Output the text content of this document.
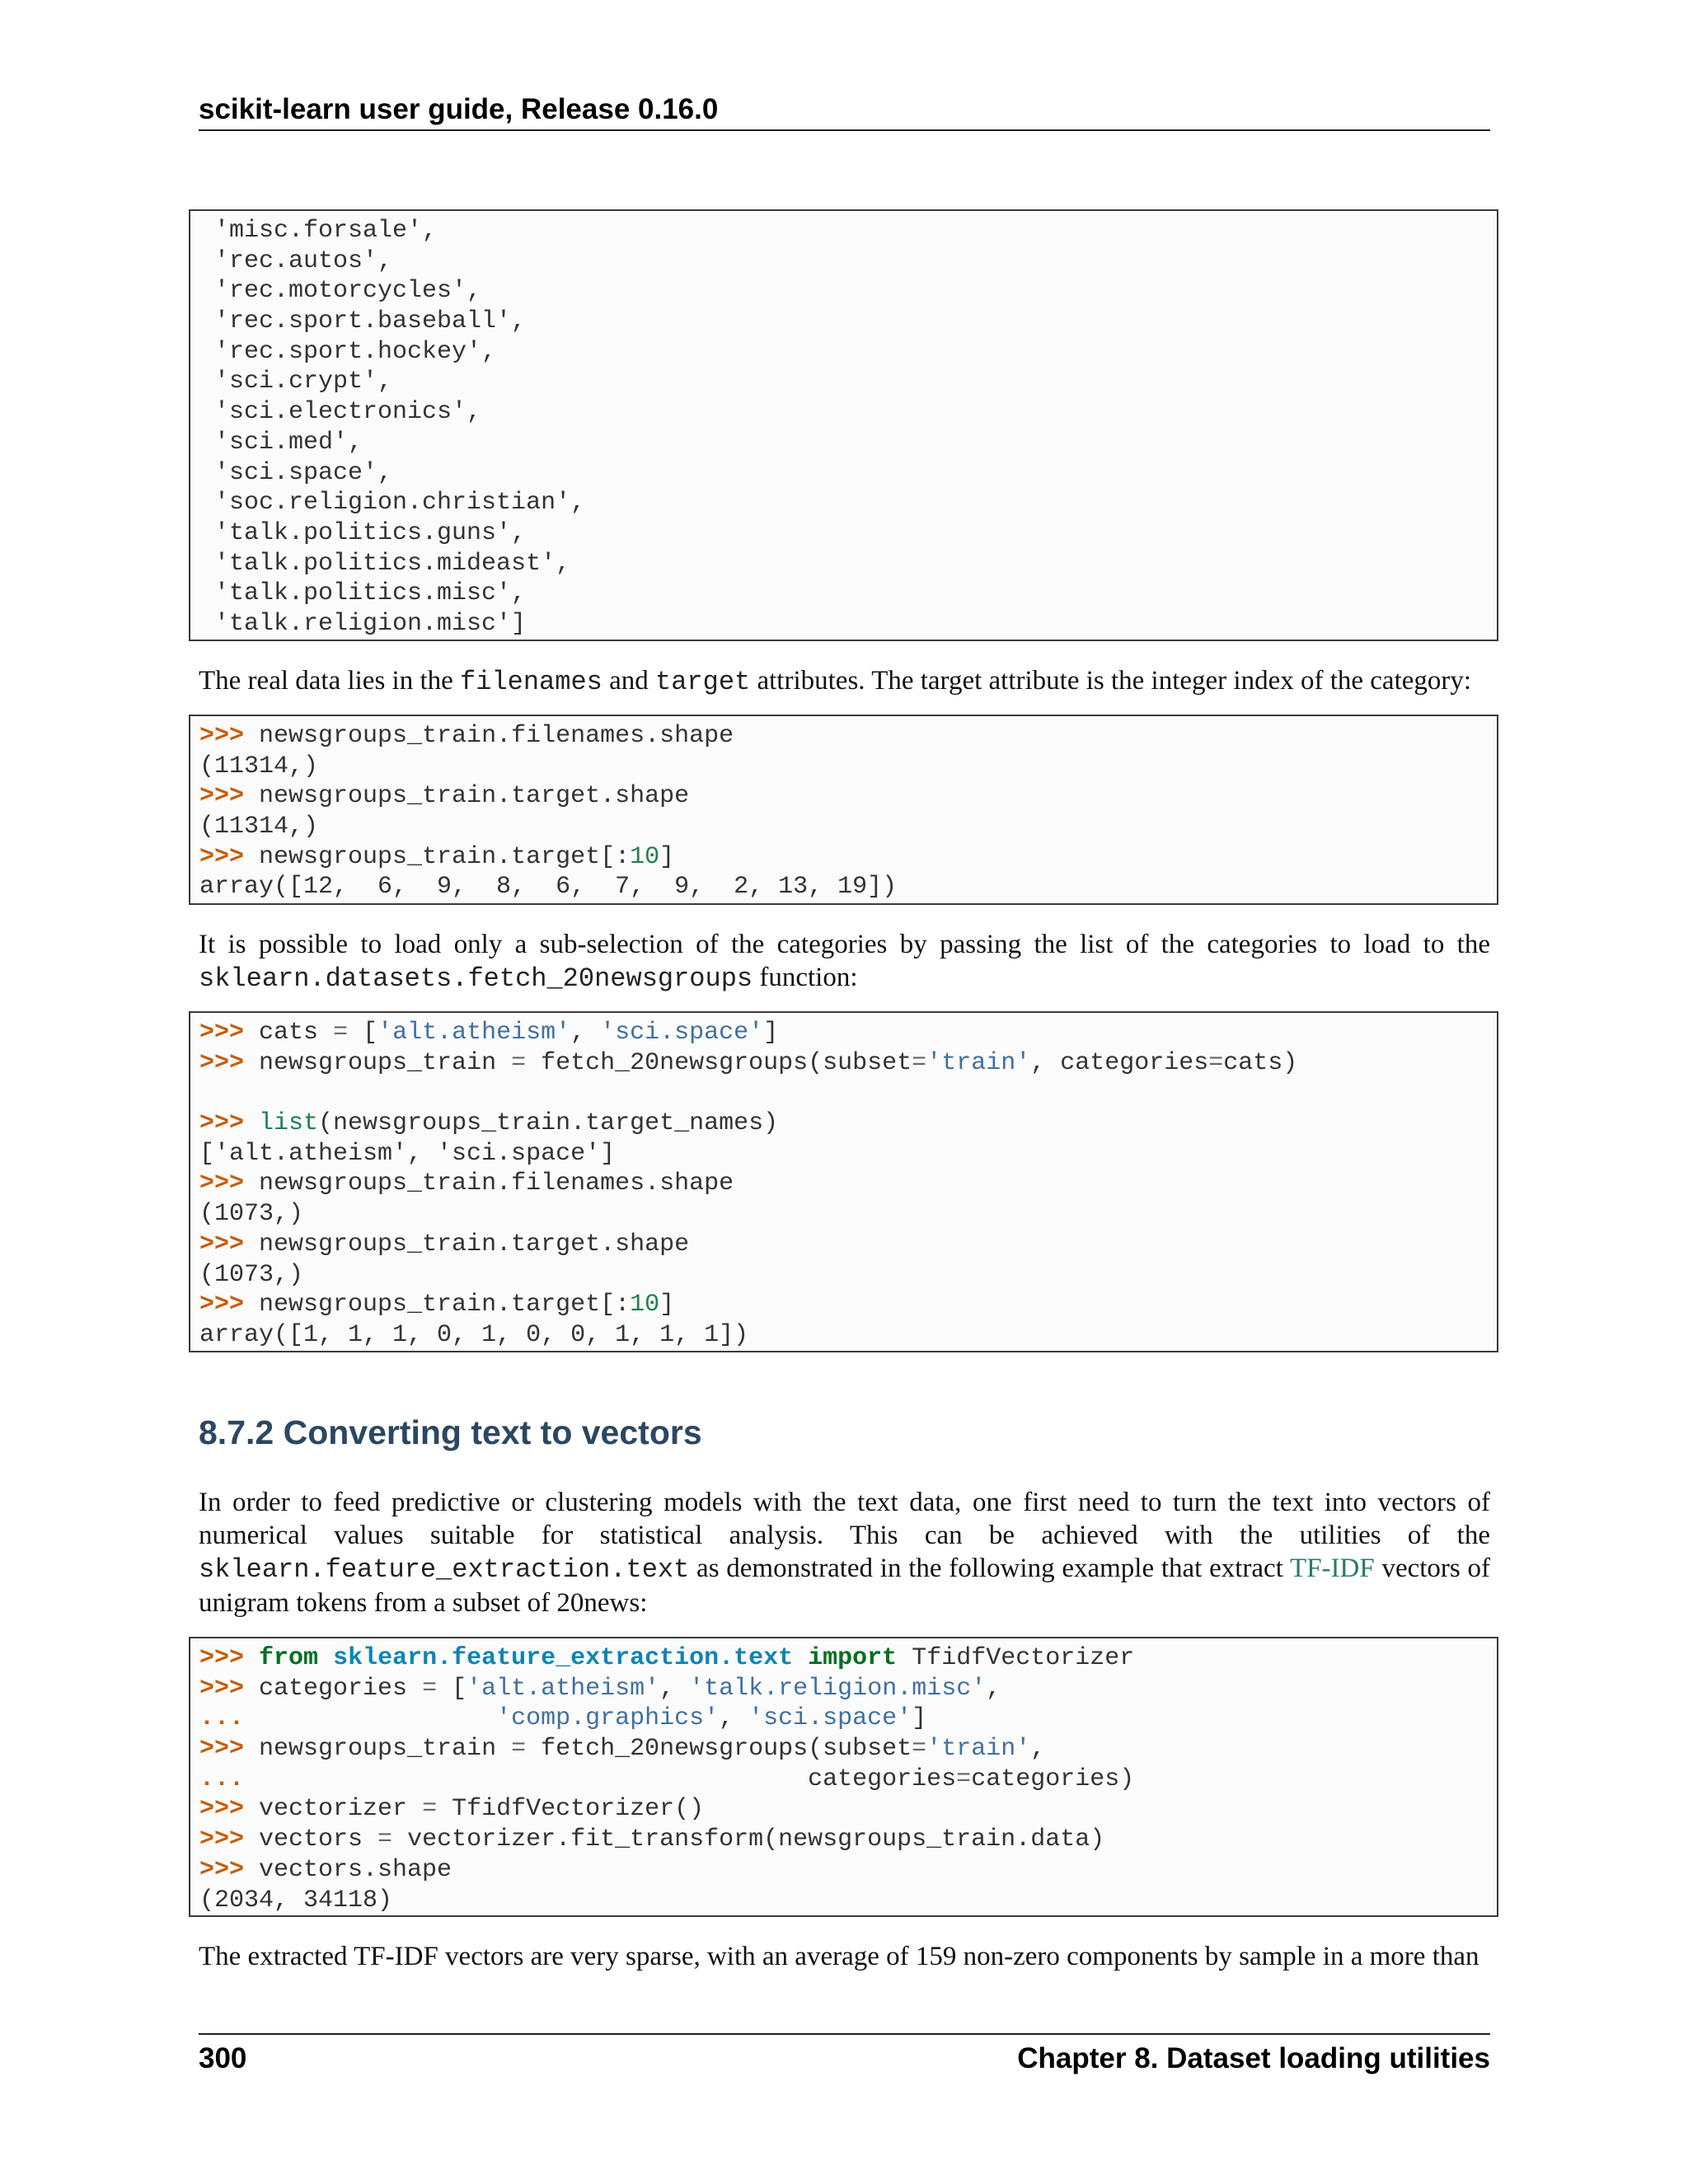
scikit-learn user guide, Release 0.16.0
'misc.forsale',
'rec.autos',
'rec.motorcycles',
'rec.sport.baseball',
'rec.sport.hockey',
'sci.crypt',
'sci.electronics',
'sci.med',
'sci.space',
'soc.religion.christian',
'talk.politics.guns',
'talk.politics.mideast',
'talk.politics.misc',
'talk.religion.misc']
The real data lies in the filenames and target attributes. The target attribute is the integer index of the category:
>>> newsgroups_train.filenames.shape
(11314,)
>>> newsgroups_train.target.shape
(11314,)
>>> newsgroups_train.target[:10]
array([12,  6,  9,  8,  6,  7,  9,  2, 13, 19])
It is possible to load only a sub-selection of the categories by passing the list of the categories to load to the sklearn.datasets.fetch_20newsgroups function:
>>> cats = ['alt.atheism', 'sci.space']
>>> newsgroups_train = fetch_20newsgroups(subset='train', categories=cats)
>>> list(newsgroups_train.target_names)
['alt.atheism', 'sci.space']
>>> newsgroups_train.filenames.shape
(1073,)
>>> newsgroups_train.target.shape
(1073,)
>>> newsgroups_train.target[:10]
array([1, 1, 1, 0, 1, 0, 0, 1, 1, 1])
8.7.2 Converting text to vectors
In order to feed predictive or clustering models with the text data, one first need to turn the text into vectors of numerical values suitable for statistical analysis. This can be achieved with the utilities of the sklearn.feature_extraction.text as demonstrated in the following example that extract TF-IDF vectors of unigram tokens from a subset of 20news:
>>> from sklearn.feature_extraction.text import TfidfVectorizer
>>> categories = ['alt.atheism', 'talk.religion.misc',
...	'comp.graphics', 'sci.space']
>>> newsgroups_train = fetch_20newsgroups(subset='train',
...	categories=categories)
>>> vectorizer = TfidfVectorizer()
>>> vectors = vectorizer.fit_transform(newsgroups_train.data)
>>> vectors.shape
(2034, 34118)
The extracted TF-IDF vectors are very sparse, with an average of 159 non-zero components by sample in a more than
300	Chapter 8. Dataset loading utilities
